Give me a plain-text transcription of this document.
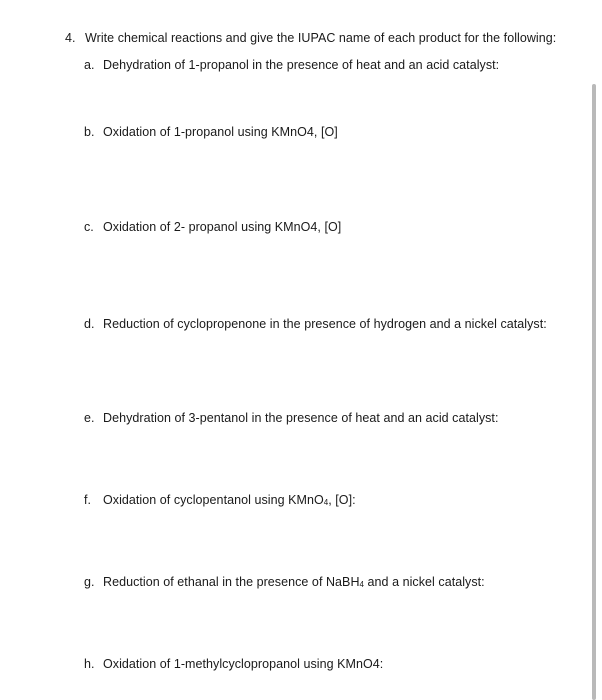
4. Write chemical reactions and give the IUPAC name of each product for the following:

a. Dehydration of 1-propanol in the presence of heat and an acid catalyst:

b. Oxidation of 1-propanol using KMnO4, [O]

c. Oxidation of 2- propanol using KMnO4, [O]

d. Reduction of cyclopropenone in the presence of hydrogen and a nickel catalyst:

e. Dehydration of 3-pentanol in the presence of heat and an acid catalyst:

f. Oxidation of cyclopentanol using KMnO$_4$, [O]:

g. Reduction of ethanal in the presence of NaBH$_4$ and a nickel catalyst:

h. Oxidation of 1-methylcyclopropanol using KMnO4:
